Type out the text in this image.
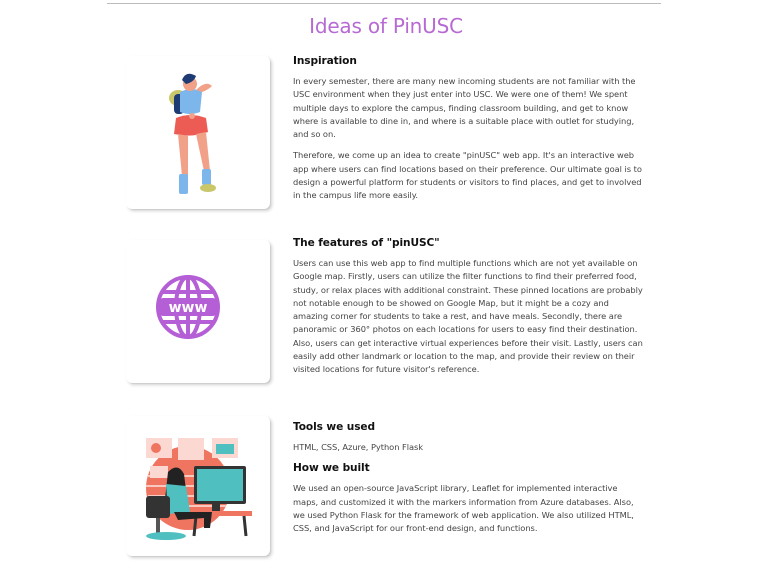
Ideas of PinUSC
Inspiration

In every semester, there are many new incoming students are not familiar with the USC environment when they just enter into USC. We were one of them! We spent multiple days to explore the campus, finding classroom building, and get to know where is available to dine in, and where is a suitable place with outlet for studying, and so on.

Therefore, we come up an idea to create "pinUSC" web app. It's an interactive web app where users can find locations based on their preference. Our ultimate goal is to design a powerful platform for students or visitors to find places, and get to involved in the campus life more easily.

www
The features of "pinUSC"

Users can use this web app to find multiple functions which are not yet available on Google map. Firstly, users can utilize the filter functions to find their preferred food, study, or relax places with additional constraint. These pinned locations are probably not notable enough to be showed on Google Map, but it might be a cozy and amazing corner for students to take a rest, and have meals. Secondly, there are panoramic or 360° photos on each locations for users to easy find their destination. Also, users can get interactive virtual experiences before their visit. Lastly, users can easily add other landmark or location to the map, and provide their review on their visited locations for future visitor's reference.

Tools we used

HTML, CSS, Azure, Python Flask

How we built

We used an open-source JavaScript library, Leaflet for implemented interactive maps, and customized it with the markers information from Azure databases. Also, we used Python Flask for the framework of web application. We also utilized HTML, CSS, and JavaScript for our front-end design, and functions.
